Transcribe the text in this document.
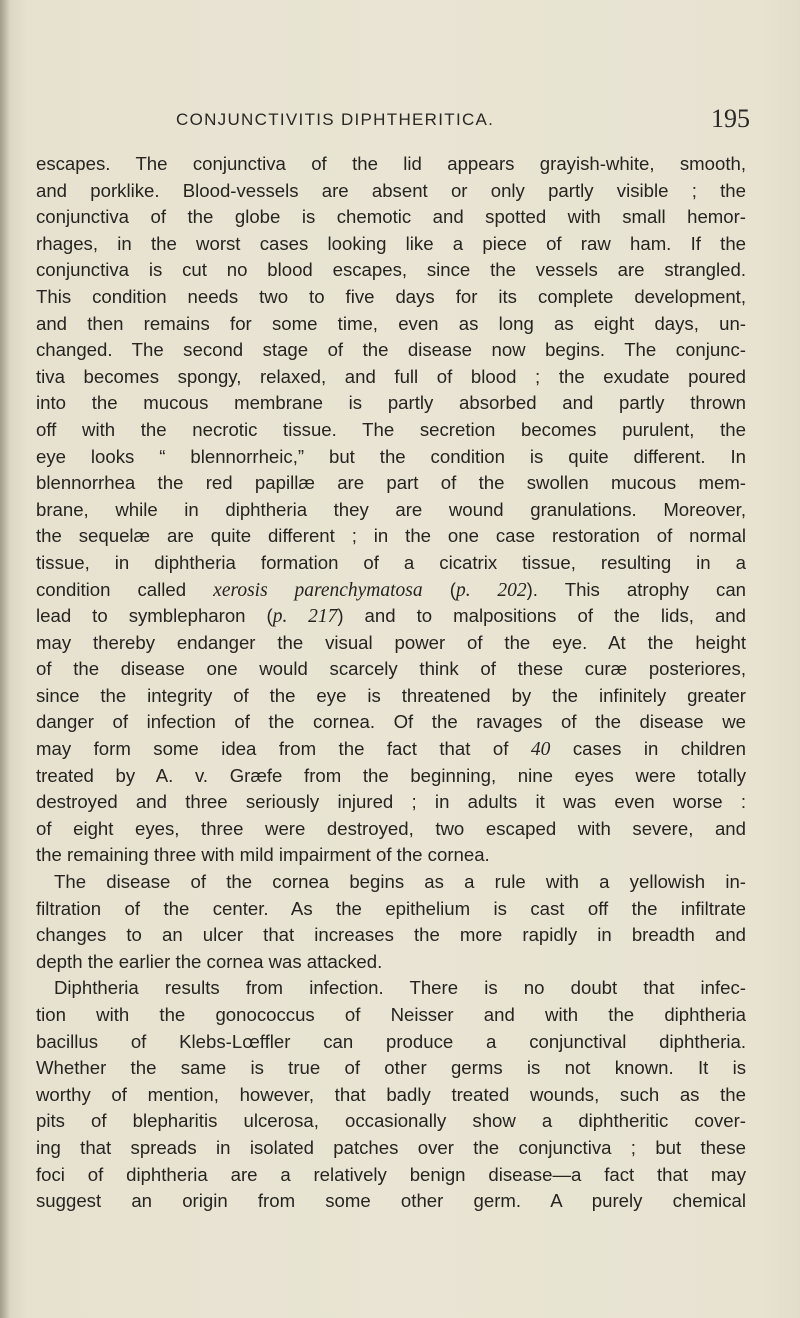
CONJUNCTIVITIS DIPHTHERITICA.	195
escapes. The conjunctiva of the lid appears grayish-white, smooth,
and porklike. Blood-vessels are absent or only partly visible ; the
conjunctiva of the globe is chemotic and spotted with small hemor-
rhages, in the worst cases looking like a piece of raw ham. If the
conjunctiva is cut no blood escapes, since the vessels are strangled.
This condition needs two to five days for its complete development,
and then remains for some time, even as long as eight days, un-
changed. The second stage of the disease now begins. The conjunc-
tiva becomes spongy, relaxed, and full of blood ; the exudate poured
into the mucous membrane is partly absorbed and partly thrown
off with the necrotic tissue. The secretion becomes purulent, the
eye looks “ blennorrheic,” but the condition is quite different. In
blennorrhea the red papillæ are part of the swollen mucous mem-
brane, while in diphtheria they are wound granulations. Moreover,
the sequelæ are quite different ; in the one case restoration of normal
tissue, in diphtheria formation of a cicatrix tissue, resulting in a
condition called xerosis parenchymatosa (p. 202). This atrophy can
lead to symblepharon (p. 217) and to malpositions of the lids, and
may thereby endanger the visual power of the eye. At the height
of the disease one would scarcely think of these curæ posteriores,
since the integrity of the eye is threatened by the infinitely greater
danger of infection of the cornea. Of the ravages of the disease we
may form some idea from the fact that of 40 cases in children
treated by A. v. Græfe from the beginning, nine eyes were totally
destroyed and three seriously injured ; in adults it was even worse :
of eight eyes, three were destroyed, two escaped with severe, and
the remaining three with mild impairment of the cornea.
The disease of the cornea begins as a rule with a yellowish in-
filtration of the center. As the epithelium is cast off the infiltrate
changes to an ulcer that increases the more rapidly in breadth and
depth the earlier the cornea was attacked.
Diphtheria results from infection. There is no doubt that infec-
tion with the gonococcus of Neisser and with the diphtheria
bacillus of Klebs-Lœffler can produce a conjunctival diphtheria.
Whether the same is true of other germs is not known. It is
worthy of mention, however, that badly treated wounds, such as the
pits of blepharitis ulcerosa, occasionally show a diphtheritic cover-
ing that spreads in isolated patches over the conjunctiva ; but these
foci of diphtheria are a relatively benign disease—a fact that may
suggest an origin from some other germ. A purely chemical
